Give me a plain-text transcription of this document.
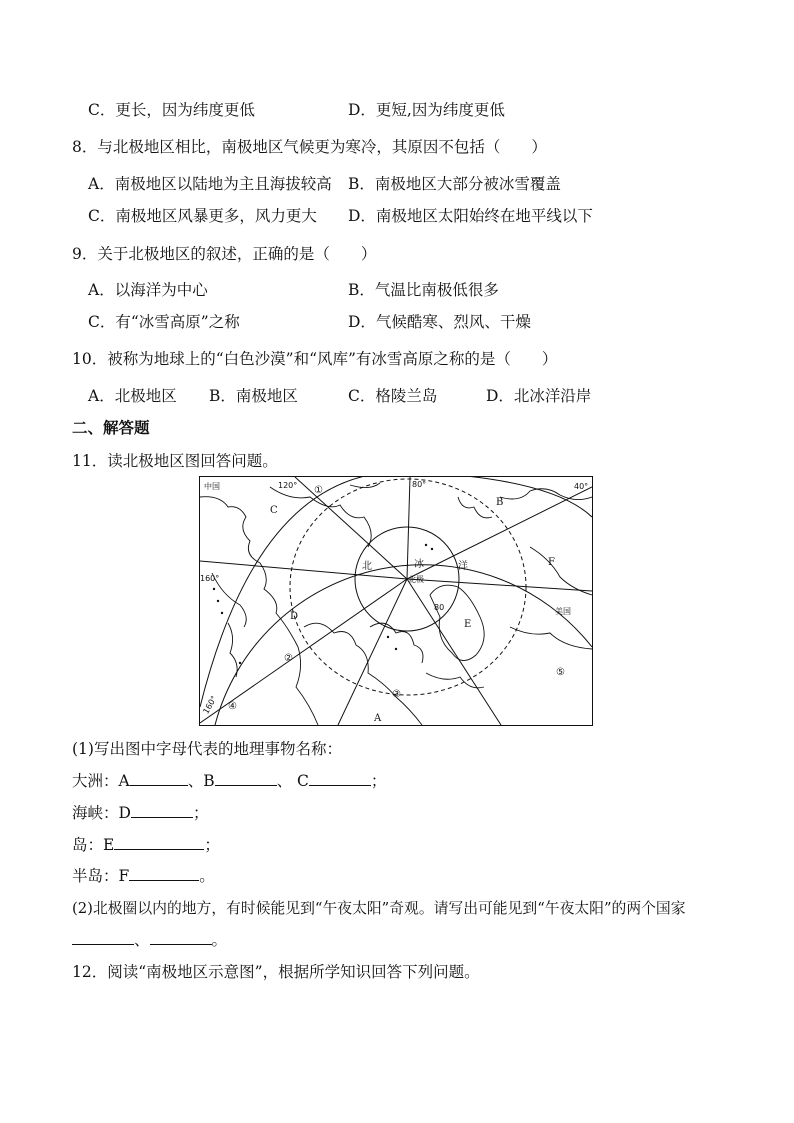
C．更长，因为纬度更低	D．更短,因为纬度更低
8．与北极地区相比，南极地区气候更为寒冷，其原因不包括（　　）
A．南极地区以陆地为主且海拔较高 B．南极地区大部分被冰雪覆盖
C．南极地区风暴更多，风力更大 D．南极地区太阳始终在地平线以下
9．关于北极地区的叙述，正确的是（　　）
A．以海洋为中心	B．气温比南极低很多
C．有“冰雪高原”之称	D．气候酷寒、烈风、干燥
10．被称为地球上的“白色沙漠”和“风库”有冰雪高原之称的是（　　）
A．北极地区 B．南极地区	C．格陵兰岛	D．北冰洋沿岸
二、解答题
11．读北极地区图回答问题。
中国	120° ①
80°	40°
B
C
北	冰	洋
北极
F
160°
80
D	美国
E
②
⑤
③
160° ④
A
(1)写出图中字母代表的地理事物名称：
大洲：A	、B	、 C	；
海峡：D	；
岛：E	；
半岛：F	。
(2)北极圈以内的地方，有时候能见到“午夜太阳”奇观。请写出可能见到“午夜太阳”的两个国家
、	。
12．阅读“南极地区示意图”，根据所学知识回答下列问题。
